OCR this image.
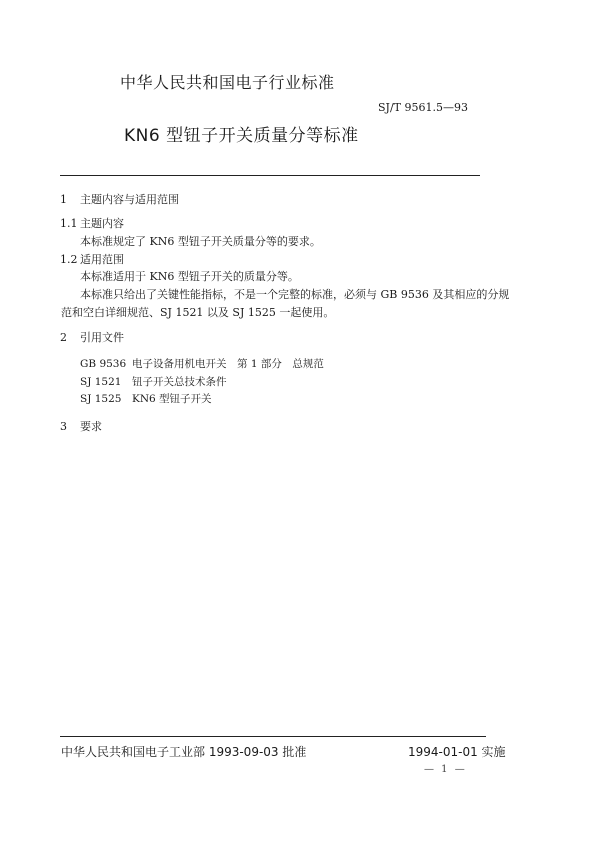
中华人民共和国电子行业标准
SJ/T 9561.5—93
KN6 型钮子开关质量分等标准
1 主题内容与适用范围
1.1 主题内容
本标准规定了 KN6 型钮子开关质量分等的要求。
1.2 适用范围
本标准适用于 KN6 型钮子开关的质量分等。
本标准只给出了关键性能指标，不是一个完整的标准，必须与 GB 9536 及其相应的分规
范和空白详细规范、SJ 1521 以及 SJ 1525 一起使用。
2 引用文件
GB 9536 电子设备用机电开关　第 1 部分　总规范
SJ 1521 钮子开关总技术条件
SJ 1525 KN6 型钮子开关
3 要求
中华人民共和国电子工业部 1993-09-03 批准	1994-01-01 实施
— 1 —
